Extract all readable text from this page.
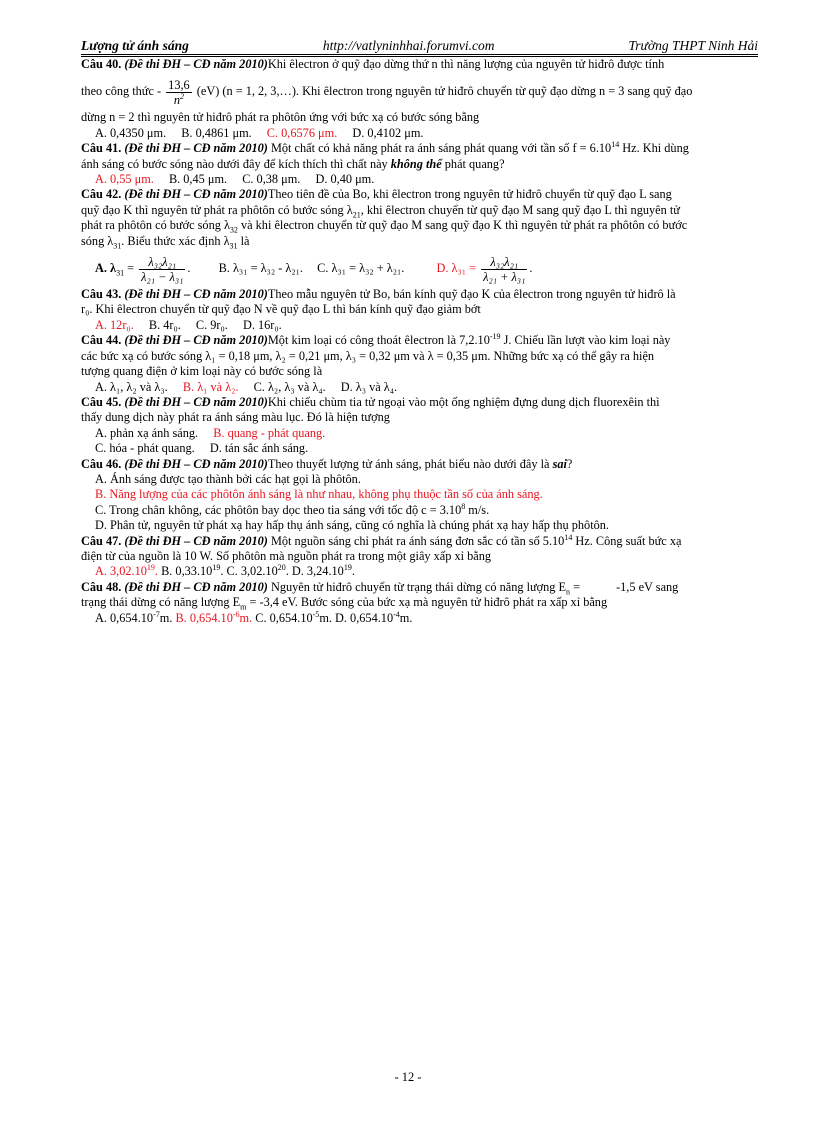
Lượng tử ánh sáng	http://vatlyninhhai.forumvi.com	Trường THPT Ninh Hải

Câu 40. (Đề thi ĐH – CĐ năm 2010)Khi êlectron ở quỹ đạo dừng thứ n thì năng lượng của nguyên tử hiđrô được tính

theo công thức - $\frac{13,6}{n^2} (eV) (n = 1$, 2, 3,…). Khi êlectron trong nguyên tử hiđrô chuyển từ quỹ đạo dừng n = 3 sang quỹ đạo

dừng n = 2 thì nguyên tử hiđrô phát ra phôtôn ứng với bức xạ có bước sóng bằng

A. 0,4350 μm. B. 0,4861 μm. C. 0,6576 μm. D. 0,4102 μm.

Câu 41. (Đề thi ĐH – CĐ năm 2010) Một chất có khả năng phát ra ánh sáng phát quang với tần số $f = 6.10^{14}$ Hz. Khi dùng

ánh sáng có bước sóng nào dưới đây để kích thích thì chất này không thể phát quang?

A. 0,55 μm. B. 0,45 μm. C. 0,38 μm. D. 0,40 μm.

Câu 42. (Đề thi ĐH – CĐ năm 2010)Theo tiên đề của Bo, khi êlectron trong nguyên tử hiđrô chuyển từ quỹ đạo L sang

quỹ đạo K thì nguyên tử phát ra phôtôn có bước sóng $\lambda_{21}$, khi êlectron chuyển từ quỹ đạo M sang quỹ đạo L thì nguyên tử

phát ra phôtôn có bước sóng $\lambda_{32}$ và khi êlectron chuyển từ quỹ đạo M sang quỹ đạo K thì nguyên tử phát ra phôtôn có bước

sóng $\lambda_{31}$. Biểu thức xác định $\lambda_{31}$ là

A. $\lambda_{31} = \frac{\text{λ₃₂λ₂₁}}{\text{λ₂₁ − λ₃₁}}$ . B. λ₃₁ = λ₃₂ - λ₂₁. C. λ₃₁ = λ₃₂ + λ₂₁.	D. $\lambda_{31} = \frac{\text{λ₃₂λ₂₁}}{\text{λ₂₁ + λ₃₁}}$ .

Câu 43. (Đề thi ĐH – CĐ năm 2010)Theo mẫu nguyên tử Bo, bán kính quỹ đạo K của êlectron trong nguyên tử hiđrô là

r₀. Khi êlectron chuyển từ quỹ đạo N về quỹ đạo L thì bán kính quỹ đạo giảm bớt

A. 12r₀. B. 4r₀. C. 9r₀. D. 16r₀.

Câu 44. (Đề thi ĐH – CĐ năm 2010)Một kim loại có công thoát êlectron là $7,2.10^{-19}$ J. Chiếu lần lượt vào kim loại này

các bức xạ có bước sóng λ₁ = 0,18 μm, λ₂ = 0,21 μm, λ₃ = 0,32 μm và λ = 0,35 μm. Những bức xạ có thể gây ra hiện

tượng quang điện ở kim loại này có bước sóng là

A. λ₁, λ₂ và λ₃. B. λ₁ và λ₂. C. λ₂, λ₃ và λ₄. D. λ₃ và λ₄.

Câu 45. (Đề thi ĐH – CĐ năm 2010)Khi chiếu chùm tia tử ngoại vào một ống nghiệm đựng dung dịch fluorexêin thì

thấy dung dịch này phát ra ánh sáng màu lục. Đó là hiện tượng

A. phản xạ ánh sáng. B. quang - phát quang.

C. hóa - phát quang. D. tán sắc ánh sáng.

Câu 46. (Đề thi ĐH – CĐ năm 2010)Theo thuyết lượng tử ánh sáng, phát biểu nào dưới đây là sai?

A. Ánh sáng được tạo thành bởi các hạt gọi là phôtôn.

B. Năng lượng của các phôtôn ánh sáng là như nhau, không phụ thuộc tần số của ánh sáng.

C. Trong chân không, các phôtôn bay dọc theo tia sáng với tốc độ $c = 3.10^8$ m/s.

D. Phân tử, nguyên tử phát xạ hay hấp thụ ánh sáng, cũng có nghĩa là chúng phát xạ hay hấp thụ phôtôn.

Câu 47. (Đề thi ĐH – CĐ năm 2010) Một nguồn sáng chỉ phát ra ánh sáng đơn sắc có tần số 5.10$^{14}$ Hz. Công suất bức xạ

điện từ của nguồn là 10 W. Số phôtôn mà nguồn phát ra trong một giây xấp xỉ bằng

A. 3,02.10$^{19}$. B. 0,33.10$^{19}$. C. 3,02.10$^{20}$. D. 3,24.10$^{19}$.

Câu 48. (Đề thi ĐH – CĐ năm 2010) Nguyên tử hiđrô chuyển từ trạng thái dừng có năng lượng $E_n$ =	-1,5 eV sang

trạng thái dừng có năng lượng $E_m = -3,4$ eV. Bước sóng của bức xạ mà nguyên tử hiđrô phát ra xấp xỉ bằng

A. $0,654.10^{-7}m$. B. $0,654.10^{-6}m$. C. $0,654.10^{-5}m$. D. $0,654.10^{-4}m$.

- 12 -
